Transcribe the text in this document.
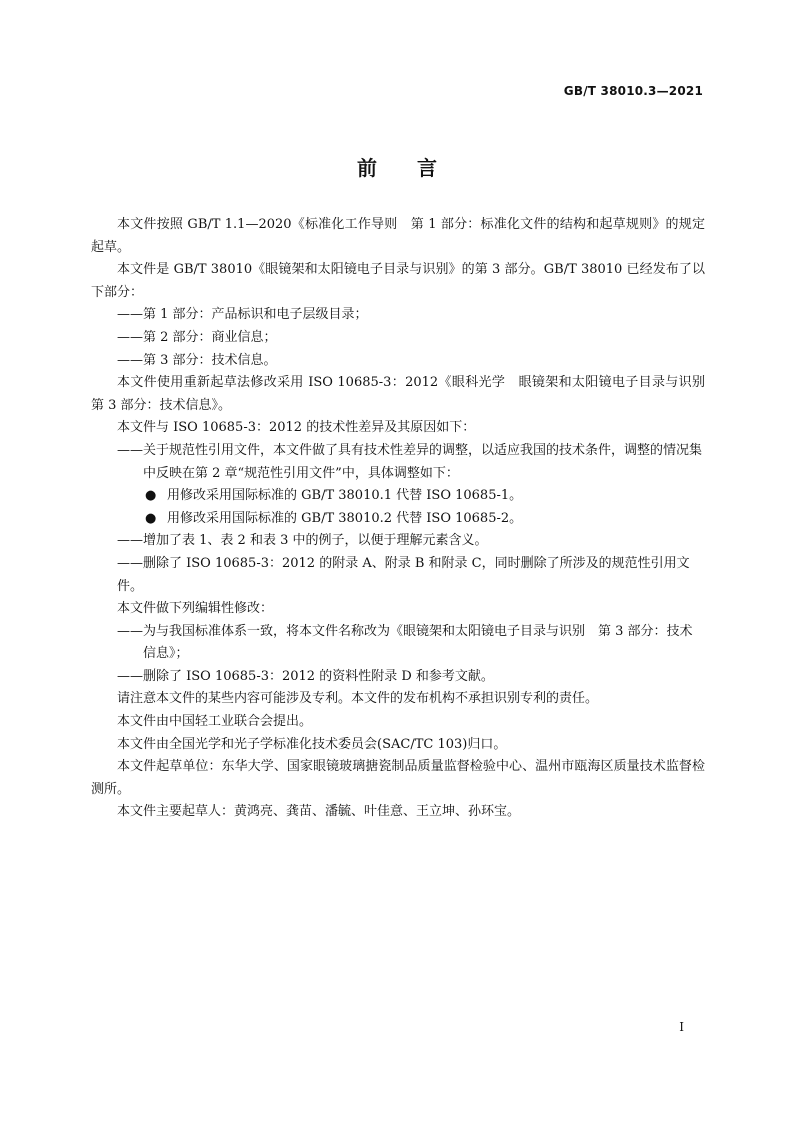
GB/T 38010.3—2021
前言

本文件按照 GB/T 1.1—2020《标准化工作导则　第 1 部分：标准化文件的结构和起草规则》的规定起草。

本文件是 GB/T 38010《眼镜架和太阳镜电子目录与识别》的第 3 部分。GB/T 38010 已经发布了以下部分：

——第 1 部分：产品标识和电子层级目录；

——第 2 部分：商业信息；

——第 3 部分：技术信息。

本文件使用重新起草法修改采用 ISO 10685-3：2012《眼科光学　眼镜架和太阳镜电子目录与识别　第 3 部分：技术信息》。

本文件与 ISO 10685-3：2012 的技术性差异及其原因如下：

——关于规范性引用文件，本文件做了具有技术性差异的调整，以适应我国的技术条件，调整的情况集中反映在第 2 章“规范性引用文件”中，具体调整如下：

● 用修改采用国际标准的 GB/T 38010.1 代替 ISO 10685-1。

● 用修改采用国际标准的 GB/T 38010.2 代替 ISO 10685-2。

——增加了表 1、表 2 和表 3 中的例子，以便于理解元素含义。

——删除了 ISO 10685-3：2012 的附录 A、附录 B 和附录 C，同时删除了所涉及的规范性引用文件。

本文件做下列编辑性修改：

——为与我国标准体系一致，将本文件名称改为《眼镜架和太阳镜电子目录与识别　第 3 部分：技术信息》；

——删除了 ISO 10685-3：2012 的资料性附录 D 和参考文献。

请注意本文件的某些内容可能涉及专利。本文件的发布机构不承担识别专利的责任。

本文件由中国轻工业联合会提出。

本文件由全国光学和光子学标准化技术委员会(SAC/TC 103)归口。

本文件起草单位：东华大学、国家眼镜玻璃搪瓷制品质量监督检验中心、温州市瓯海区质量技术监督检测所。

本文件主要起草人：黄鸿亮、龚苗、潘毓、叶佳意、王立坤、孙环宝。

I
